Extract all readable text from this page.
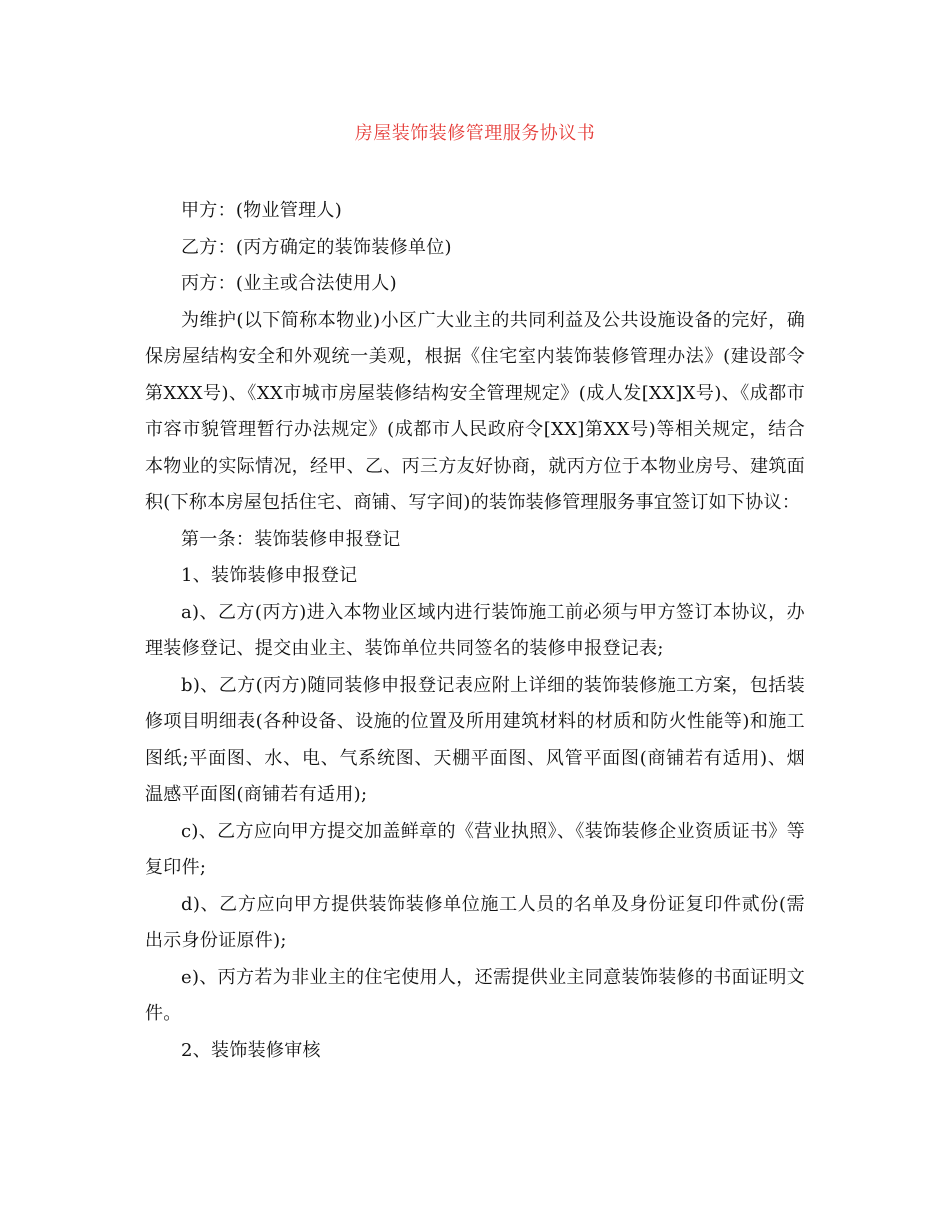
房屋装饰装修管理服务协议书

甲方：(物业管理人)

乙方：(丙方确定的装饰装修单位)

丙方：(业主或合法使用人)

为维护(以下简称本物业)小区广大业主的共同利益及公共设施设备的完好，确保房屋结构安全和外观统一美观，根据《住宅室内装饰装修管理办法》(建设部令第XXX号)、《XX市城市房屋装修结构安全管理规定》(成人发[XX]X号)、《成都市市容市貌管理暂行办法规定》(成都市人民政府令[XX]第XX号)等相关规定，结合本物业的实际情况，经甲、乙、丙三方友好协商，就丙方位于本物业房号、建筑面积(下称本房屋包括住宅、商铺、写字间)的装饰装修管理服务事宜签订如下协议：

第一条：装饰装修申报登记

1、装饰装修申报登记

a)、乙方(丙方)进入本物业区域内进行装饰施工前必须与甲方签订本协议，办理装修登记、提交由业主、装饰单位共同签名的装修申报登记表;

b)、乙方(丙方)随同装修申报登记表应附上详细的装饰装修施工方案，包括装修项目明细表(各种设备、设施的位置及所用建筑材料的材质和防火性能等)和施工图纸;平面图、水、电、气系统图、天棚平面图、风管平面图(商铺若有适用)、烟温感平面图(商铺若有适用);

c)、乙方应向甲方提交加盖鲜章的《营业执照》、《装饰装修企业资质证书》等复印件;

d)、乙方应向甲方提供装饰装修单位施工人员的名单及身份证复印件贰份(需出示身份证原件);

e)、丙方若为非业主的住宅使用人，还需提供业主同意装饰装修的书面证明文件。

2、装饰装修审核
